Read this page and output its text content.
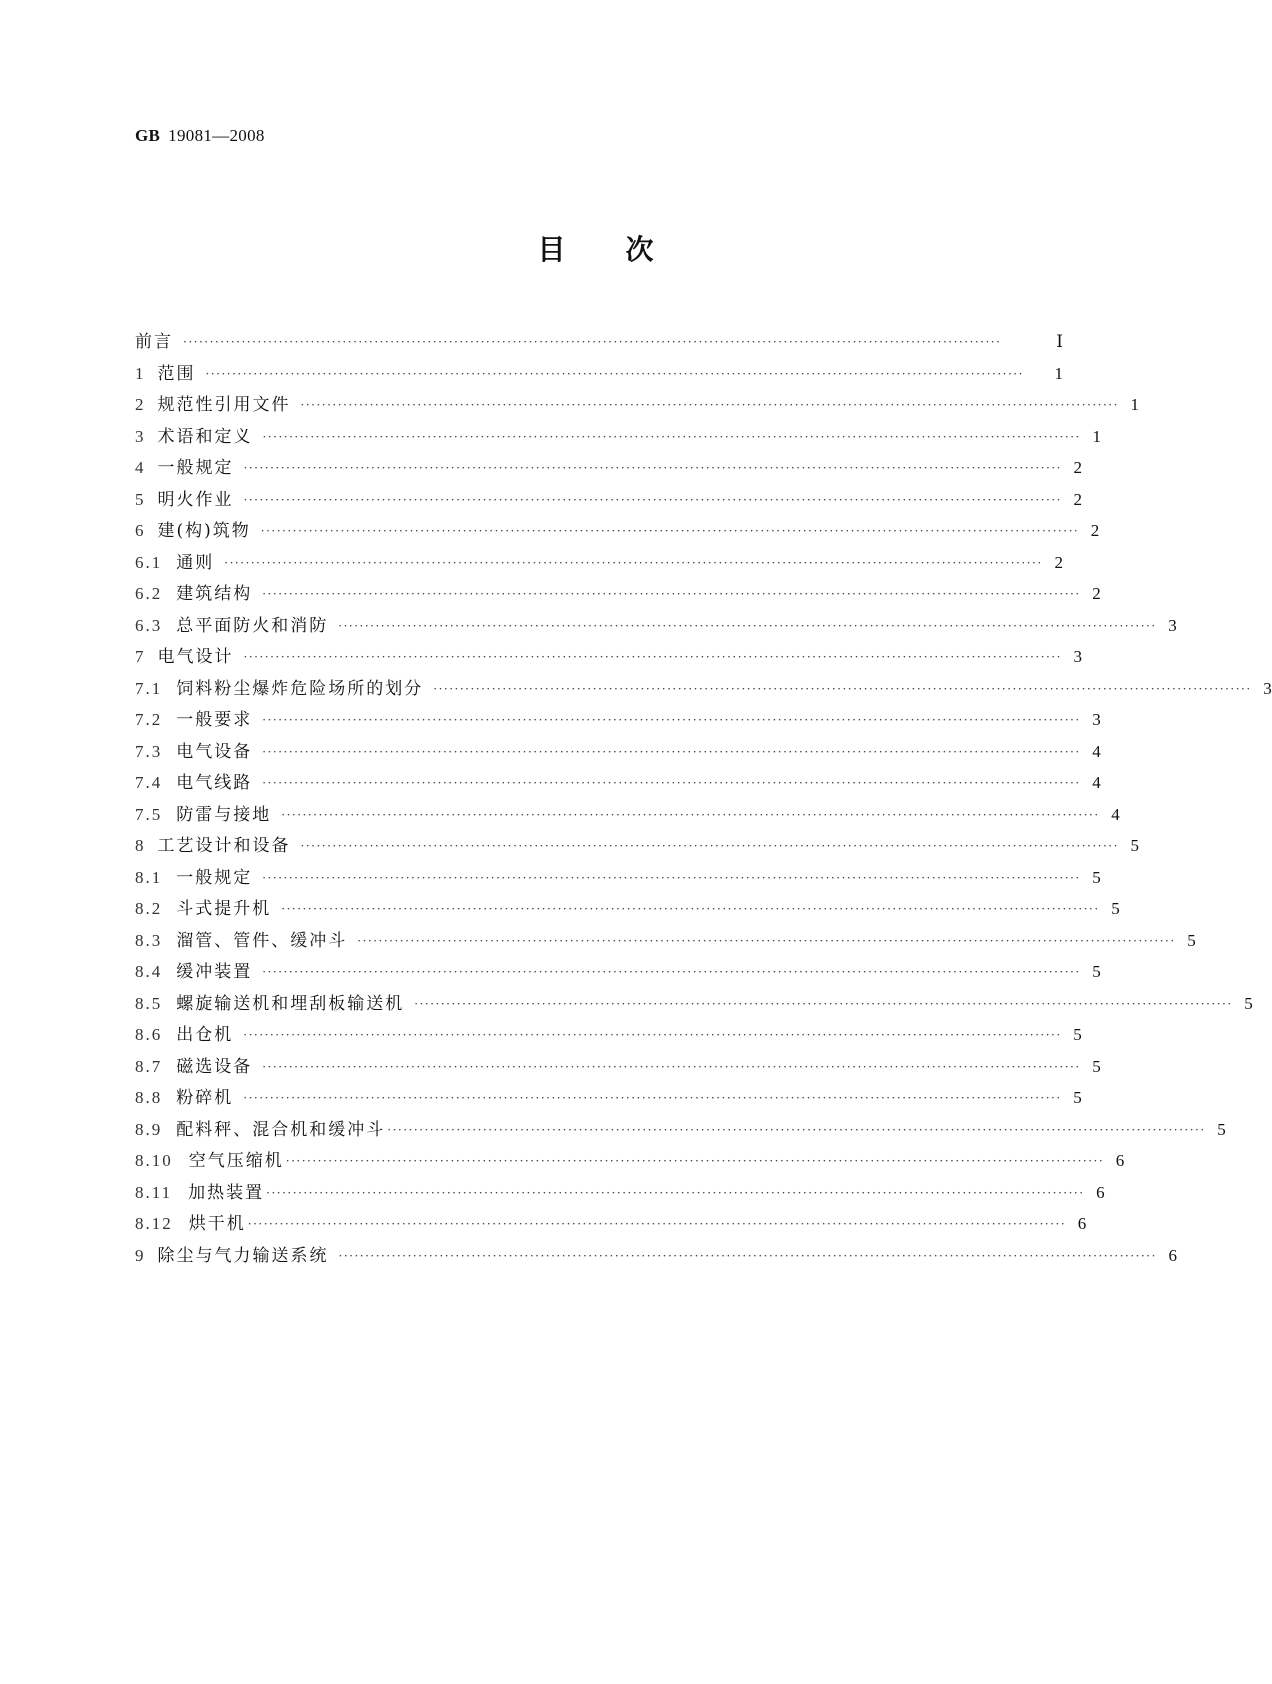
GB 19081—2008
目次
前言 ··························································································································································	Ⅰ
1 范围 ··························································································································································	1
2 规范性引用文件 ·························································································································································· 1
3 术语和定义 ·························································································································································· 1
4 一般规定 ·························································································································································· 2
5 明火作业 ·························································································································································· 2
6 建(构)筑物 ·························································································································································· 2
6.1 通则 ·························································································································································· 2
6.2 建筑结构 ·························································································································································· 2
6.3 总平面防火和消防 ·························································································································································· 3
7 电气设计 ·························································································································································· 3
7.1 饲料粉尘爆炸危险场所的划分 ·························································································································································· 3
7.2 一般要求 ·························································································································································· 3
7.3 电气设备 ·························································································································································· 4
7.4 电气线路 ·························································································································································· 4
7.5 防雷与接地 ·························································································································································· 4
8 工艺设计和设备 ·························································································································································· 5
8.1 一般规定 ·························································································································································· 5
8.2 斗式提升机 ·························································································································································· 5
8.3 溜管、管件、缓冲斗 ·························································································································································· 5
8.4 缓冲装置 ·························································································································································· 5
8.5 螺旋输送机和埋刮板输送机 ·························································································································································· 5
8.6 出仓机 ·························································································································································· 5
8.7 磁选设备 ·························································································································································· 5
8.8 粉碎机 ·························································································································································· 5
8.9 配料秤、混合机和缓冲斗 ·························································································································································· 5
8.10 空气压缩机 ·························································································································································· 6
8.11 加热装置 ·························································································································································· 6
8.12 烘干机 ·························································································································································· 6
9 除尘与气力输送系统 ·························································································································································· 6
